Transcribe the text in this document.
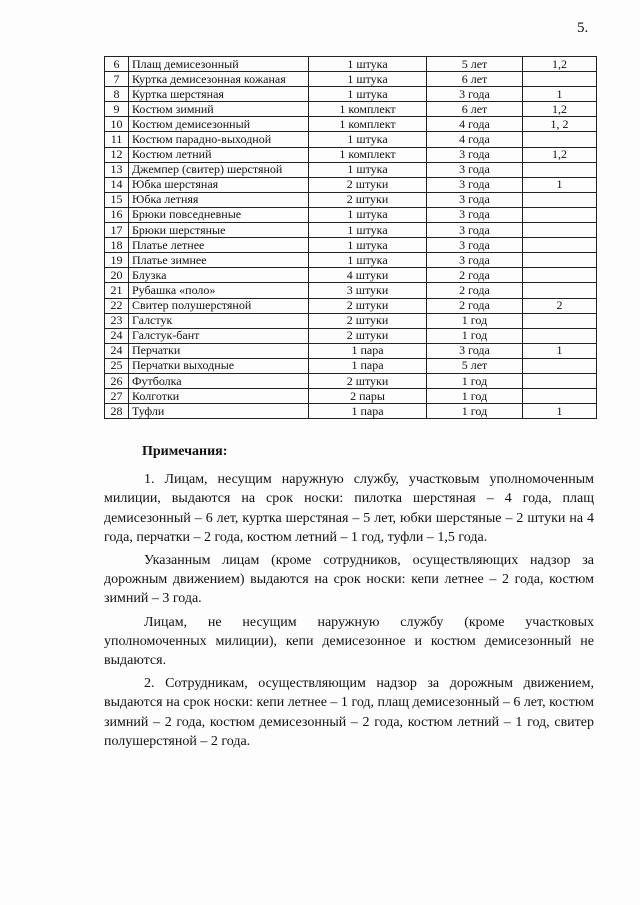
5.
6	Плащ демисезонный	1 штука	5 лет	1,2
7	Куртка демисезонная кожаная	1 штука	6 лет	
8	Куртка шерстяная	1 штука	3 года	1
9	Костюм зимний	1 комплект	6 лет	1,2
10	Костюм демисезонный	1 комплект	4 года	1, 2
11	Костюм парадно-выходной	1 штука	4 года	
12	Костюм летний	1 комплект	3 года	1,2
13	Джемпер (свитер) шерстяной	1 штука	3 года	
14	Юбка шерстяная	2 штуки	3 года	1
15	Юбка летняя	2 штуки	3 года	
16	Брюки повседневные	1 штука	3 года	
17	Брюки шерстяные	1 штука	3 года	
18	Платье летнее	1 штука	3 года	
19	Платье зимнее	1 штука	3 года	
20	Блузка	4 штуки	2 года	
21	Рубашка «поло»	3 штуки	2 года	
22	Свитер полушерстяной	2 штуки	2 года	2
23	Галстук	2 штуки	1 год	
24	Галстук-бант	2 штуки	1 год	
24	Перчатки	1 пара	3 года	1
25	Перчатки выходные	1 пара	5 лет	
26	Футболка	2 штуки	1 год	
27	Колготки	2 пары	1 год	
28	Туфли	1 пара	1 год	1
Примечания:

1. Лицам, несущим наружную службу, участковым уполномоченным милиции, выдаются на срок носки: пилотка шерстяная – 4 года, плащ демисезонный – 6 лет, куртка шерстяная – 5 лет, юбки шерстяные – 2 штуки на 4 года, перчатки – 2 года, костюм летний – 1 год, туфли – 1,5 года.

Указанным лицам (кроме сотрудников, осуществляющих надзор за дорожным движением) выдаются на срок носки: кепи летнее – 2 года, костюм зимний – 3 года.

Лицам, не несущим наружную службу (кроме участковых уполномоченных милиции), кепи демисезонное и костюм демисезонный не выдаются.

2. Сотрудникам, осуществляющим надзор за дорожным движением, выдаются на срок носки: кепи летнее – 1 год, плащ демисезонный – 6 лет, костюм зимний – 2 года, костюм демисезонный – 2 года, костюм летний – 1 год, свитер полушерстяной – 2 года.
